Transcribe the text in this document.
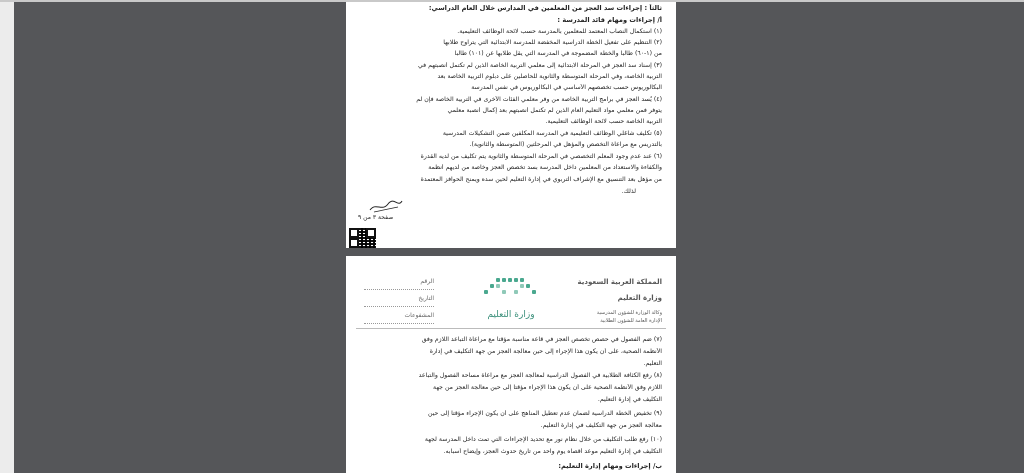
ثالثاً : إجراءات سد العجز من المعلمين في المدارس خلال العام الدراسي:
أ/ إجراءات ومهام قائد المدرسة :
(١) استكمال النصاب المعتمد للمعلمين بالمدرسة حسب لائحة الوظائف التعليمية.
(٢) التنظيم على تفعيل الخطة الدراسية المخفضة للمدرسة الابتدائية التي يتراوح طلابها
من (١-٦٠) طالباً والخطة المضموجة في المدرسة التي يقل طلابها عن (١٠١) طالباً
(٣) إسناد سد العجز في المرحلة الابتدائية إلى معلمي التربية الخاصة الذين لم تكتمل أنصبتهم في
التربية الخاصة، وفي المرحلة المتوسطة والثانوية للحاصلين على دبلوم التربية الخاصة بعد
البكالوريوس حسب تخصصهم الأساسي في البكالوريوس في نفس المدرسة
(٤) يُسد العجز في برامج التربية الخاصة من وفر معلمي الفئات الأخرى في التربية الخاصة فإن لم
يتوفر فمن معلمي مواد التعليم العام الذين لم تكتمل أنصبتهم بعد إكمال أنصبة معلمي
التربية الخاصة حسب لائحة الوظائف التعليمية.
(٥) تكليف شاغلي الوظائف التعليمية في المدرسة المكلفين ضمن التشكيلات المدرسية
بالتدريس مع مراعاة التخصص والمؤهل في المرحلتين (المتوسطة والثانوية).
(٦) عند عدم وجود المعلم التخصصي في المرحلة المتوسطة والثانوية يتم تكليف من لديه القدرة
والكفاءة والاستعداد من المعلمين داخل المدرسة بسد تخصص العجز وخاصة من لديهم أنظمة
من مؤهل بعد التنسيق مع الإشراف التربوي في إدارة التعليم لحين سده ويمنح الحوافز المعتمدة
لذلك.
صفحة ٣ من ٩
المملكة العربية السعودية
وزارة التعليم
وكالة الوزارة للشؤون المدرسية
الإدارة العامة للشؤون الطلابية
وزارة التعليم
الرقم
التاريخ
المشفوعات
(٧) ضم الفصول في حصص تخصص العجز في قاعة مناسبة مؤقتاً مع مراعاة التباعد اللازم وفق
الأنظمة الصحية، على أن يكون هذا الإجراء إلى حين معالجة العجز من جهة التكليف في إدارة
التعليم.
(٨) رفع الكثافة الطلابية في الفصول الدراسية لمعالجة العجز مع مراعاة مساحة الفصول والتباعد
اللازم وفق الأنظمة الصحية على أن يكون هذا الإجراء مؤقتاً إلى حين معالجة العجز من جهة
التكليف في إدارة التعليم.
(٩) تخفيض الخطة الدراسية لضمان عدم تعطيل المناهج على أن يكون الإجراء مؤقتاً إلى حين
معالجة العجز من جهة التكليف في إدارة التعليم.
(١٠) رفع طلب التكليف من خلال نظام نور مع تحديد الإجراءات التي تمت داخل المدرسة لجهة
التكليف في إدارة التعليم موعد أقصاه يوم واحد من تاريخ حدوث العجز، وإيضاح أسبابه.
ب/ إجراءات ومهام إدارة التعليم:
